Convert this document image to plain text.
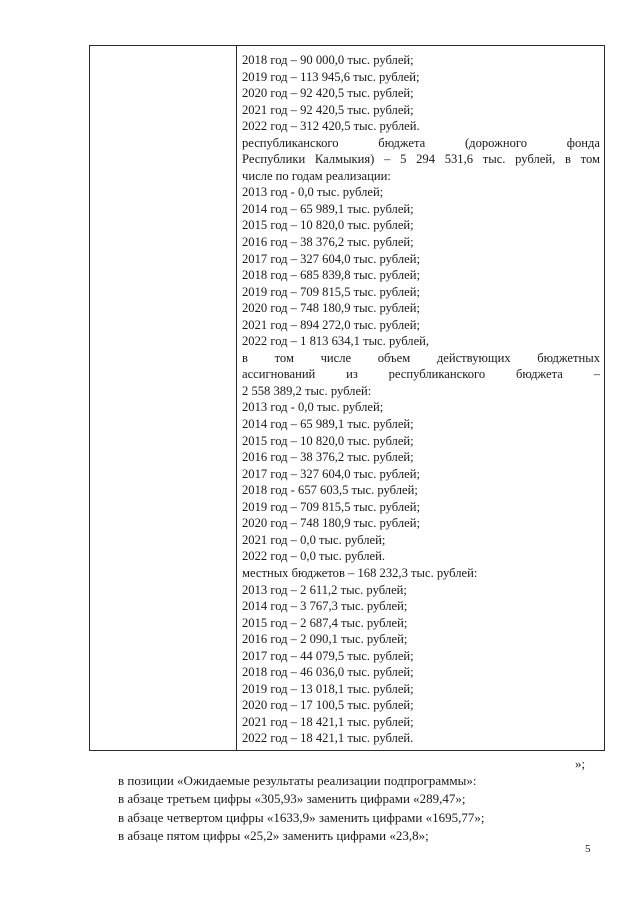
2018 год – 90 000,0 тыс. рублей;
2019 год – 113 945,6 тыс. рублей;
2020 год – 92 420,5 тыс. рублей;
2021 год – 92 420,5 тыс. рублей;
2022 год – 312 420,5 тыс. рублей.
республиканского бюджета (дорожного фонда
Республики Калмыкия) – 5 294 531,6 тыс. рублей, в том
числе по годам реализации:
2013 год - 0,0 тыс. рублей;
2014 год – 65 989,1 тыс. рублей;
2015 год – 10 820,0 тыс. рублей;
2016 год – 38 376,2 тыс. рублей;
2017 год – 327 604,0 тыс. рублей;
2018 год – 685 839,8 тыс. рублей;
2019 год – 709 815,5 тыс. рублей;
2020 год – 748 180,9 тыс. рублей;
2021 год – 894 272,0 тыс. рублей;
2022 год – 1 813 634,1 тыс. рублей,
в том числе объем действующих бюджетных
ассигнований из республиканского бюджета –
2 558 389,2 тыс. рублей:
2013 год - 0,0 тыс. рублей;
2014 год – 65 989,1 тыс. рублей;
2015 год – 10 820,0 тыс. рублей;
2016 год – 38 376,2 тыс. рублей;
2017 год – 327 604,0 тыс. рублей;
2018 год - 657 603,5 тыс. рублей;
2019 год – 709 815,5 тыс. рублей;
2020 год – 748 180,9 тыс. рублей;
2021 год – 0,0 тыс. рублей;
2022 год – 0,0 тыс. рублей.
местных бюджетов – 168 232,3 тыс. рублей:
2013 год – 2 611,2 тыс. рублей;
2014 год – 3 767,3 тыс. рублей;
2015 год – 2 687,4 тыс. рублей;
2016 год – 2 090,1 тыс. рублей;
2017 год – 44 079,5 тыс. рублей;
2018 год – 46 036,0 тыс. рублей;
2019 год – 13 018,1 тыс. рублей;
2020 год – 17 100,5 тыс. рублей;
2021 год – 18 421,1 тыс. рублей;
2022 год – 18 421,1 тыс. рублей.
»;
в позиции «Ожидаемые результаты реализации подпрограммы»:
в абзаце третьем цифры «305,93» заменить цифрами «289,47»;
в абзаце четвертом цифры «1633,9» заменить цифрами «1695,77»;
в абзаце пятом цифры «25,2» заменить цифрами «23,8»;
5
